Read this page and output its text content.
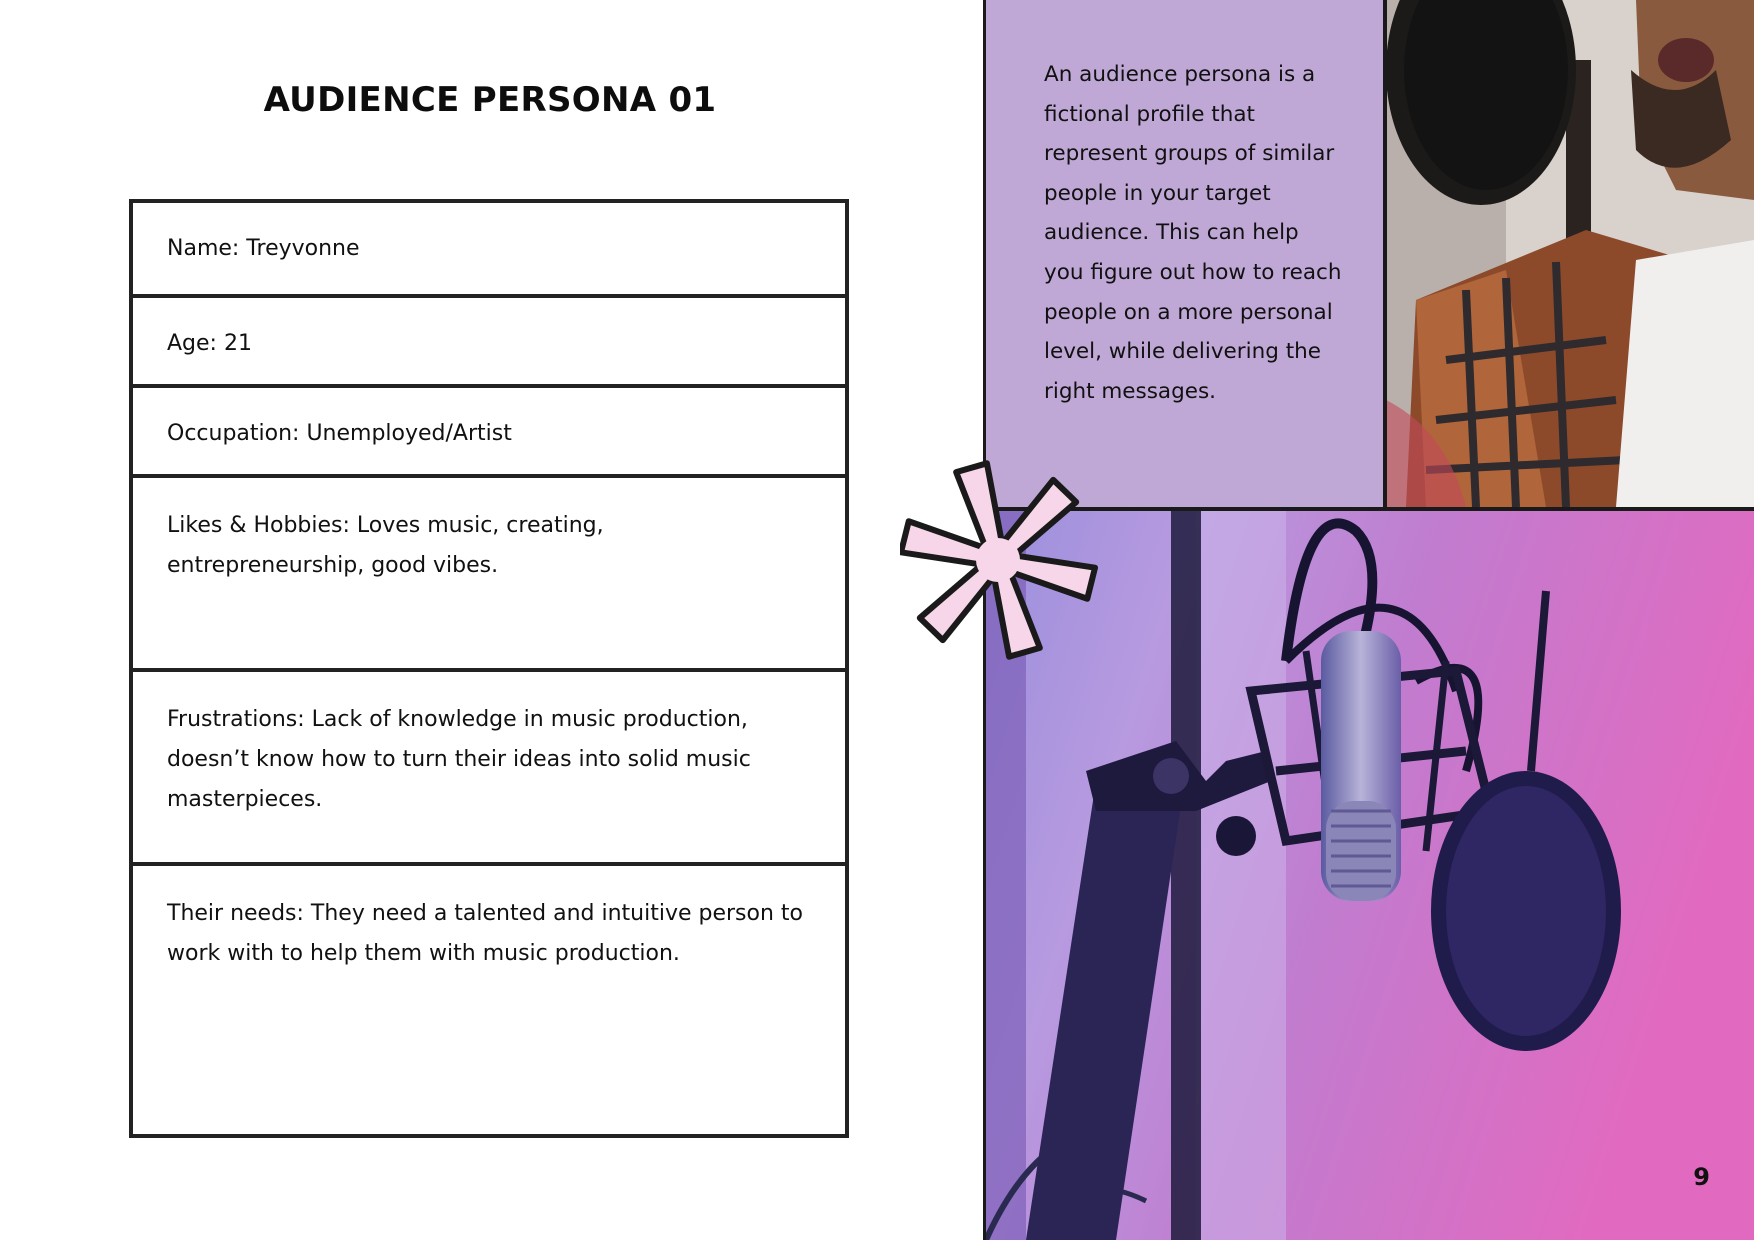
AUDIENCE PERSONA 01
Name: Treyvonne
Age: 21
Occupation: Unemployed/Artist
Likes & Hobbies: Loves music, creating, entrepreneurship, good vibes.
Frustrations: Lack of knowledge in music production, doesn’t know how to turn their ideas into solid music masterpieces.
Their needs: They need a talented and intuitive person to work with to help them with music production.

An audience persona is a fictional profile that represent groups of similar people in your target audience. This can help you figure out how to reach people on a more personal level, while delivering the right messages.

9
